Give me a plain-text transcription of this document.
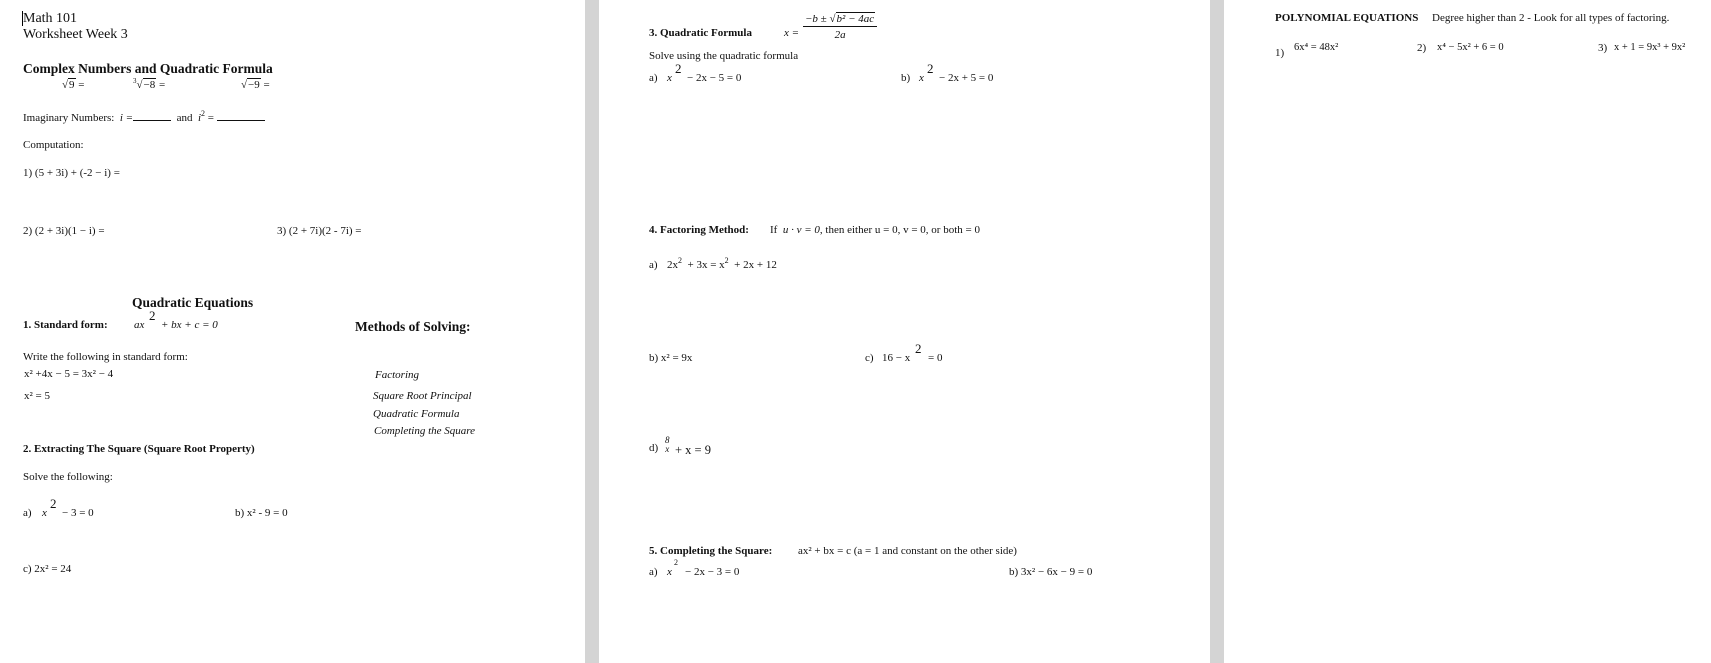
Math 101
Worksheet Week 3
Complex Numbers and Quadratic Formula
√9 =	$^3$√−8 =	√−9 =
Imaginary Numbers: i =	and $i^2$ =
Computation:
1) (5 + 3i) + (-2 − i) =
2) (2 + 3i)(1 − i) =	3) (2 + 7i)(2 - 7i) =
Quadratic Equations
1. Standard form: ax
2
+ bx + c = 0	Methods of Solving:
Factoring
Square Root Principal
Quadratic Formula
Completing the Square
Write the following in standard form:
x² +4x − 5 = 3x² − 4
x² = 5
2. Extracting The Square (Square Root Property)
Solve the following:
a) x
2
− 3 = 0	b) x² - 9 = 0
c) 2x² = 24
3. Quadratic Formula	$x = \frac{\text{−b ± √b² − 4ac}}{2a}$
Solve using the quadratic formula
a) x
2
− 2x − 5 = 0	b) x
2
− 2x + 5 = 0
4. Factoring Method: If u · v = 0, then either u = 0, v = 0, or both = 0
a) $2x^2 + 3x = x^2 + 2x + 12$
b) x² = 9x	c) 16 − x
2
= 0
d)
8
x + x = 9
5. Completing the Square: ax² + bx = c (a = 1 and constant on the other side)
a) x
2
− 2x − 3 = 0	b) 3x² − 6x − 9 = 0
POLYNOMIAL EQUATIONS Degree higher than 2 - Look for all types of factoring.
1) 6x⁴ = 48x²	2) x⁴ − 5x² + 6 = 0	3) x + 1 = 9x³ + 9x²
